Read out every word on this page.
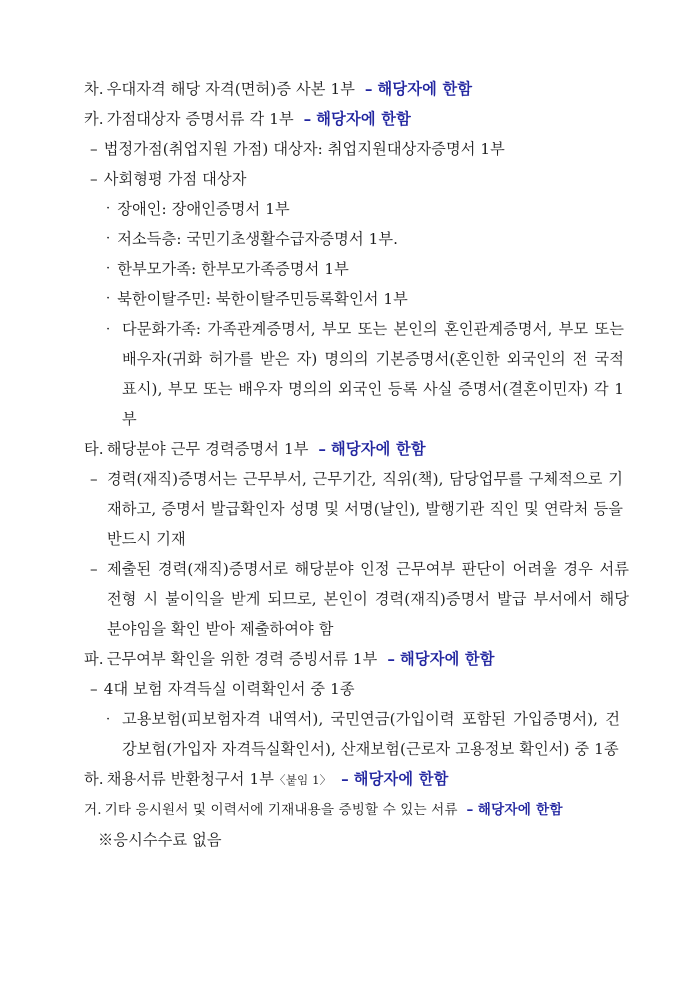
차. 우대자격 해당 자격(면허)증 사본 1부 – 해당자에 한함
카. 가점대상자 증명서류 각 1부 – 해당자에 한함
– 법정가점(취업지원 가점) 대상자: 취업지원대상자증명서 1부
– 사회형평 가점 대상자
· 장애인: 장애인증명서 1부
· 저소득층: 국민기초생활수급자증명서 1부.
· 한부모가족: 한부모가족증명서 1부
· 북한이탈주민: 북한이탈주민등록확인서 1부
· 다문화가족: 가족관계증명서, 부모 또는 본인의 혼인관계증명서, 부모 또는 배우자(귀화 허가를 받은 자) 명의의 기본증명서(혼인한 외국인의 전 국적 표시), 부모 또는 배우자 명의의 외국인 등록 사실 증명서(결혼이민자) 각 1부
타. 해당분야 근무 경력증명서 1부 – 해당자에 한함
– 경력(재직)증명서는 근무부서, 근무기간, 직위(책), 담당업무를 구체적으로 기재하고, 증명서 발급확인자 성명 및 서명(날인), 발행기관 직인 및 연락처 등을 반드시 기재
– 제출된 경력(재직)증명서로 해당분야 인정 근무여부 판단이 어려울 경우 서류전형 시 불이익을 받게 되므로, 본인이 경력(재직)증명서 발급 부서에서 해당 분야임을 확인 받아 제출하여야 함
파. 근무여부 확인을 위한 경력 증빙서류 1부 – 해당자에 한함
– 4대 보험 자격득실 이력확인서 중 1종
· 고용보험(피보험자격 내역서), 국민연금(가입이력 포함된 가입증명서), 건강보험(가입자 자격득실확인서), 산재보험(근로자 고용정보 확인서) 중 1종
하. 채용서류 반환청구서 1부〈붙임 1〉 – 해당자에 한함
거. 기타 응시원서 및 이력서에 기재내용을 증빙할 수 있는 서류 – 해당자에 한함
※응시수수료 없음
